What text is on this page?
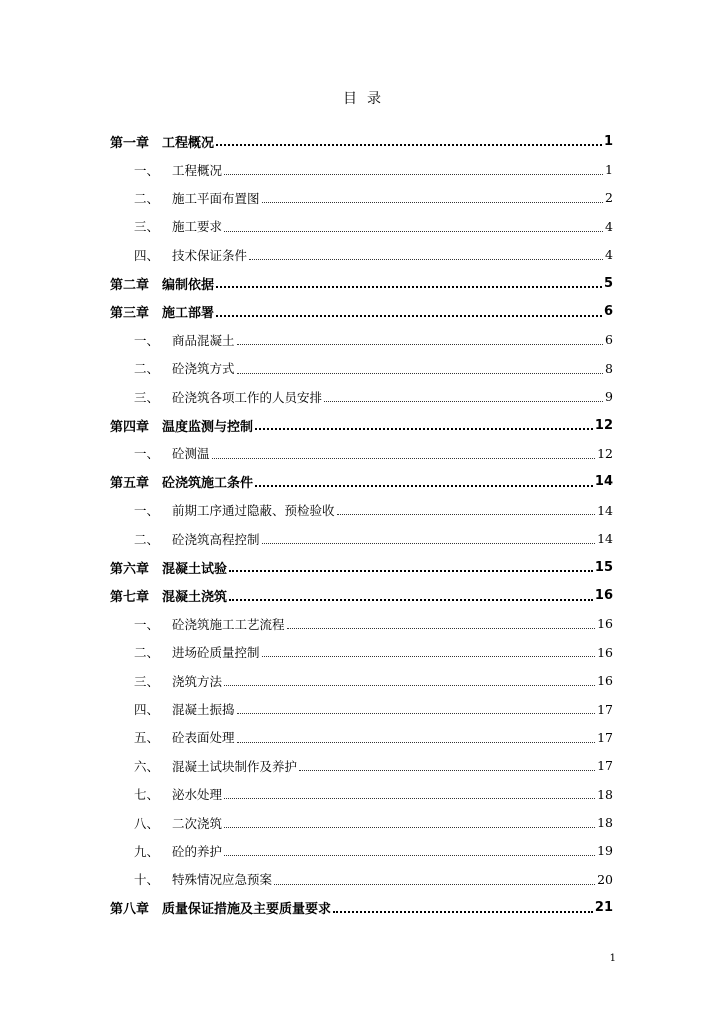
目录
第一章 工程概况	1
一、	工程概况	1
二、	施工平面布置图	2
三、	施工要求	4
四、	技术保证条件	4
第二章 编制依据	5
第三章 施工部署	6
一、	商品混凝土	6
二、	砼浇筑方式	8
三、	砼浇筑各项工作的人员安排	9
第四章 温度监测与控制	12
一、	砼测温	12
第五章 砼浇筑施工条件	14
一、	前期工序通过隐蔽、预检验收	14
二、	砼浇筑高程控制	14
第六章 混凝土试验	15
第七章 混凝土浇筑	16
一、	砼浇筑施工工艺流程	16
二、	进场砼质量控制	16
三、	浇筑方法	16
四、	混凝土振捣	17
五、	砼表面处理	17
六、	混凝土试块制作及养护	17
七、	泌水处理	18
八、	二次浇筑	18
九、	砼的养护	19
十、	特殊情况应急预案	20
第八章 质量保证措施及主要质量要求	21
1
